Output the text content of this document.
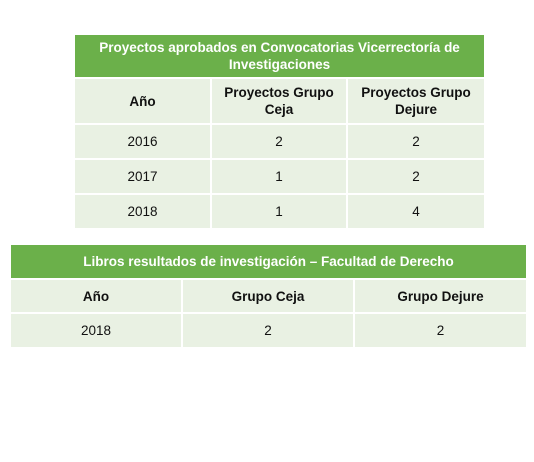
Proyectos aprobados en Convocatorias Vicerrectoría de Investigaciones		
Año	Proyectos Grupo Ceja	Proyectos Grupo Dejure
2016	2	2
2017	1	2
2018	1	4
Libros resultados de investigación – Facultad de Derecho		
Año	Grupo Ceja	Grupo Dejure
2018	2	2
